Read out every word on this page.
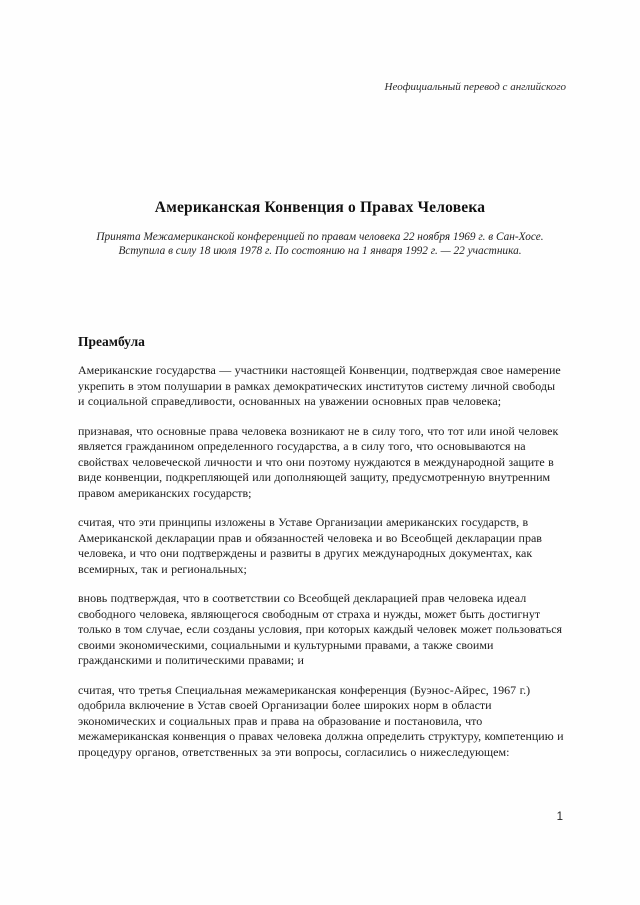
Неофициальный перевод с английского
Американская Конвенция о Правах Человека
Принята Межамериканской конференцией по правам человека 22 ноября 1969 г. в Сан-Хосе.
Вступила в силу 18 июля 1978 г. По состоянию на 1 января 1992 г. — 22 участника.
Преамбула

Американские государства — участники настоящей Конвенции, подтверждая свое намерение укрепить в этом полушарии в рамках демократических институтов систему личной свободы и социальной справедливости, основанных на уважении основных прав человека;

признавая, что основные права человека возникают не в силу того, что тот или иной человек является гражданином определенного государства, а в силу того, что основываются на свойствах человеческой личности и что они поэтому нуждаются в международной защите в виде конвенции, подкрепляющей или дополняющей защиту, предусмотренную внутренним правом американских государств;

считая, что эти принципы изложены в Уставе Организации американских государств, в Американской декларации прав и обязанностей человека и во Всеобщей декларации прав человека, и что они подтверждены и развиты в других международных документах, как всемирных, так и региональных;

вновь подтверждая, что в соответствии со Всеобщей декларацией прав человека идеал свободного человека, являющегося свободным от страха и нужды, может быть достигнут только в том случае, если созданы условия, при которых каждый человек может пользоваться своими экономическими, социальными и культурными правами, а также своими гражданскими и политическими правами; и

считая, что третья Специальная межамериканская конференция (Буэнос-Айрес, 1967 г.) одобрила включение в Устав своей Организации более широких норм в области экономических и социальных прав и права на образование и постановила, что межамериканская конвенция о правах человека должна определить структуру, компетенцию и процедуру органов, ответственных за эти вопросы, согласились о нижеследующем:

1
